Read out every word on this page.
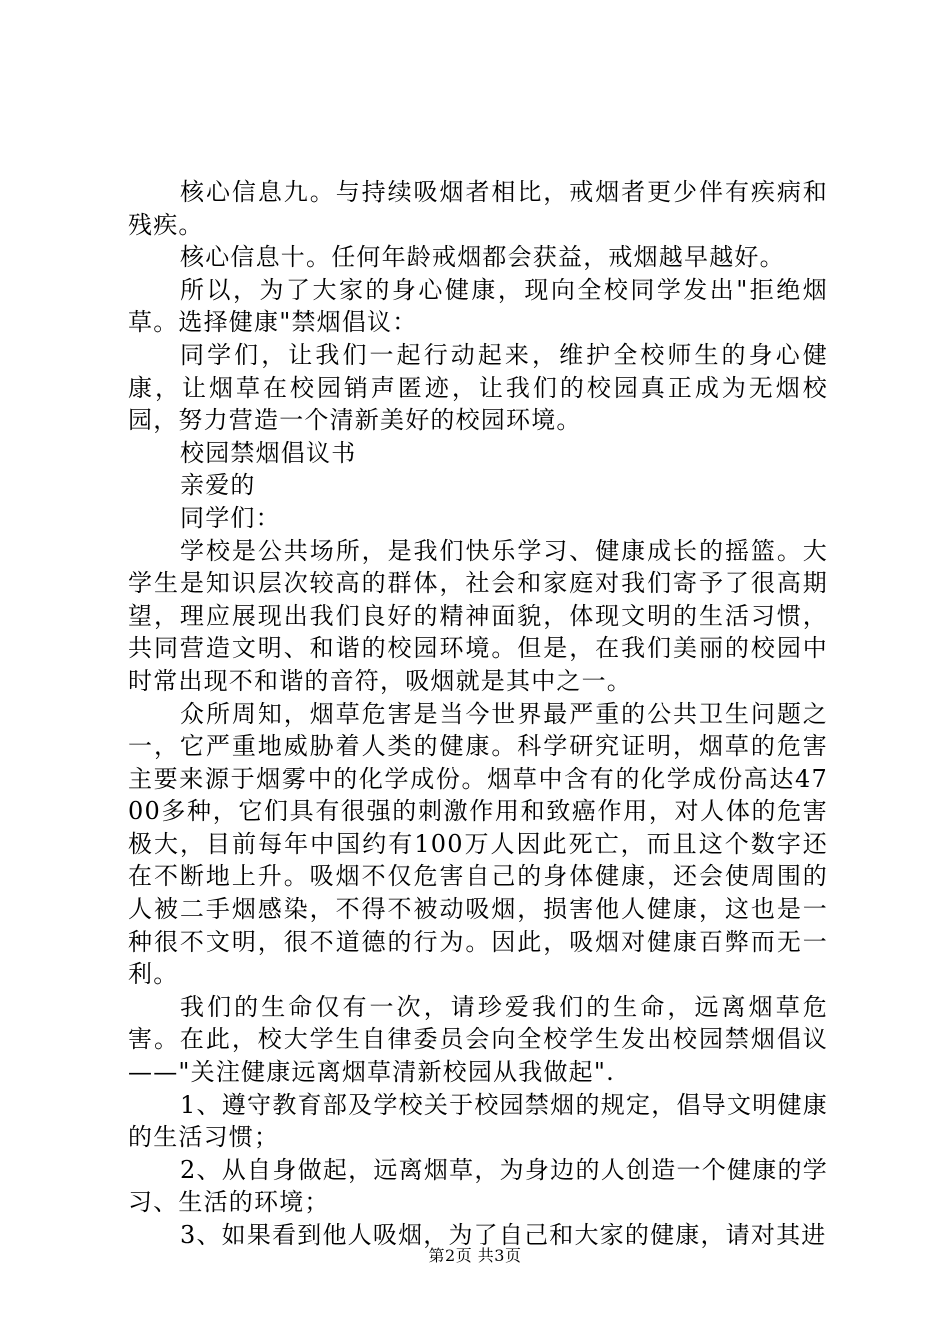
核心信息九。与持续吸烟者相比，戒烟者更少伴有疾病和残疾。

核心信息十。任何年龄戒烟都会获益，戒烟越早越好。

所以，为了大家的身心健康，现向全校同学发出"拒绝烟草。选择健康"禁烟倡议：

同学们，让我们一起行动起来，维护全校师生的身心健康，让烟草在校园销声匿迹，让我们的校园真正成为无烟校园，努力营造一个清新美好的校园环境。

校园禁烟倡议书

亲爱的

同学们：

学校是公共场所，是我们快乐学习、健康成长的摇篮。大学生是知识层次较高的群体，社会和家庭对我们寄予了很高期望，理应展现出我们良好的精神面貌，体现文明的生活习惯，共同营造文明、和谐的校园环境。但是，在我们美丽的校园中时常出现不和谐的音符，吸烟就是其中之一。

众所周知，烟草危害是当今世界最严重的公共卫生问题之一，它严重地威胁着人类的健康。科学研究证明，烟草的危害主要来源于烟雾中的化学成份。烟草中含有的化学成份高达4700多种，它们具有很强的刺激作用和致癌作用，对人体的危害极大，目前每年中国约有100万人因此死亡，而且这个数字还在不断地上升。吸烟不仅危害自己的身体健康，还会使周围的人被二手烟感染，不得不被动吸烟，损害他人健康，这也是一种很不文明，很不道德的行为。因此，吸烟对健康百弊而无一利。

我们的生命仅有一次，请珍爱我们的生命，远离烟草危害。在此，校大学生自律委员会向全校学生发出校园禁烟倡议——"关注健康远离烟草清新校园从我做起".

1、遵守教育部及学校关于校园禁烟的规定，倡导文明健康的生活习惯；

2、从自身做起，远离烟草，为身边的人创造一个健康的学习、生活的环境；

3、如果看到他人吸烟，为了自己和大家的健康，请对其进

第2页 共3页
